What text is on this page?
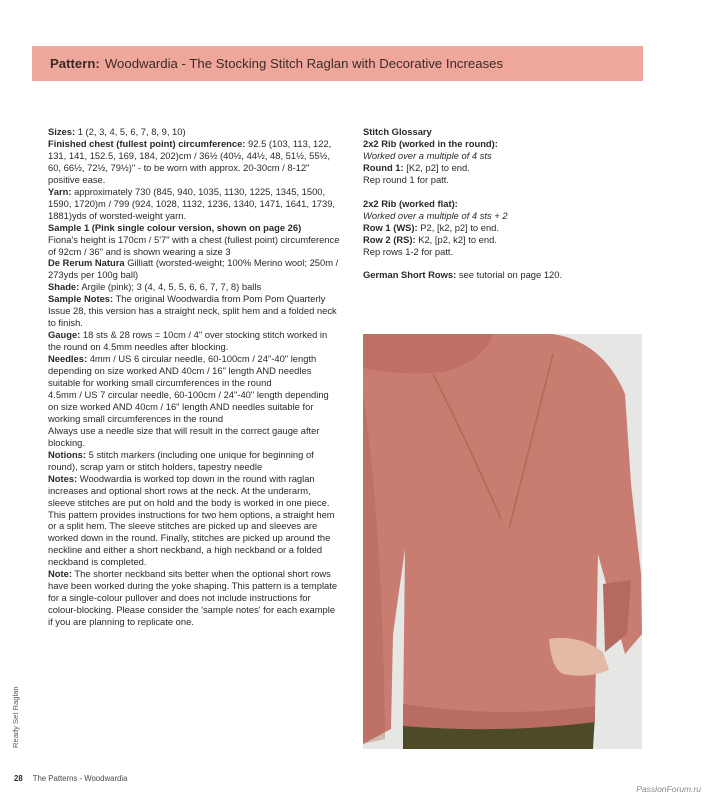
Pattern: Woodwardia - The Stocking Stitch Raglan with Decorative Increases

Sizes: 1 (2, 3, 4, 5, 6, 7, 8, 9, 10)

Finished chest (fullest point) circumference: 92.5 (103, 113, 122, 131, 141, 152.5, 169, 184, 202)cm / 36½ (40½, 44½, 48, 51½, 55½, 60, 66½, 72½, 79½)" - to be worn with approx. 20-30cm / 8-12" positive ease.

Yarn: approximately 730 (845, 940, 1035, 1130, 1225, 1345, 1500, 1590, 1720)m / 799 (924, 1028, 1132, 1236, 1340, 1471, 1641, 1739, 1881)yds of worsted-weight yarn.

Sample 1 (Pink single colour version, shown on page 26)

Fiona's height is 170cm / 5'7" with a chest (fullest point) circumference of 92cm / 36" and is shown wearing a size 3

De Rerum Natura Gilliatt (worsted-weight; 100% Merino wool; 250m / 273yds per 100g ball)

Shade: Argile (pink); 3 (4, 4, 5, 5, 6, 6, 7, 7, 8) balls

Sample Notes: The original Woodwardia from Pom Pom Quarterly Issue 28, this version has a straight neck, split hem and a folded neck to finish.

Gauge: 18 sts & 28 rows = 10cm / 4" over stocking stitch worked in the round on 4.5mm needles after blocking.

Needles: 4mm / US 6 circular needle, 60-100cm / 24"-40" length depending on size worked AND 40cm / 16" length AND needles suitable for working small circumferences in the round

4.5mm / US 7 circular needle, 60-100cm / 24"-40" length depending on size worked AND 40cm / 16" length AND needles suitable for working small circumferences in the round

Always use a needle size that will result in the correct gauge after blocking.

Notions: 5 stitch markers (including one unique for beginning of round), scrap yarn or stitch holders, tapestry needle

Notes: Woodwardia is worked top down in the round with raglan increases and optional short rows at the neck. At the underarm, sleeve stitches are put on hold and the body is worked in one piece. This pattern provides instructions for two hem options, a straight hem or a split hem. The sleeve stitches are picked up and sleeves are worked down in the round. Finally, stitches are picked up around the neckline and either a short neckband, a high neckband or a folded neckband is completed.

Note: The shorter neckband sits better when the optional short rows have been worked during the yoke shaping. This pattern is a template for a single-colour pullover and does not include instructions for colour-blocking. Please consider the 'sample notes' for each example if you are planning to replicate one.

Stitch Glossary

2x2 Rib (worked in the round):

Worked over a multiple of 4 sts

Round 1: [K2, p2] to end.

Rep round 1 for patt.

2x2 Rib (worked flat):

Worked over a multiple of 4 sts + 2

Row 1 (WS): P2, [k2, p2] to end.

Row 2 (RS): K2, [p2, k2] to end.

Rep rows 1-2 for patt.

German Short Rows: see tutorial on page 120.

Ready Set Raglan
28 The Patterns - Woodwardia
PassionForum.ru
